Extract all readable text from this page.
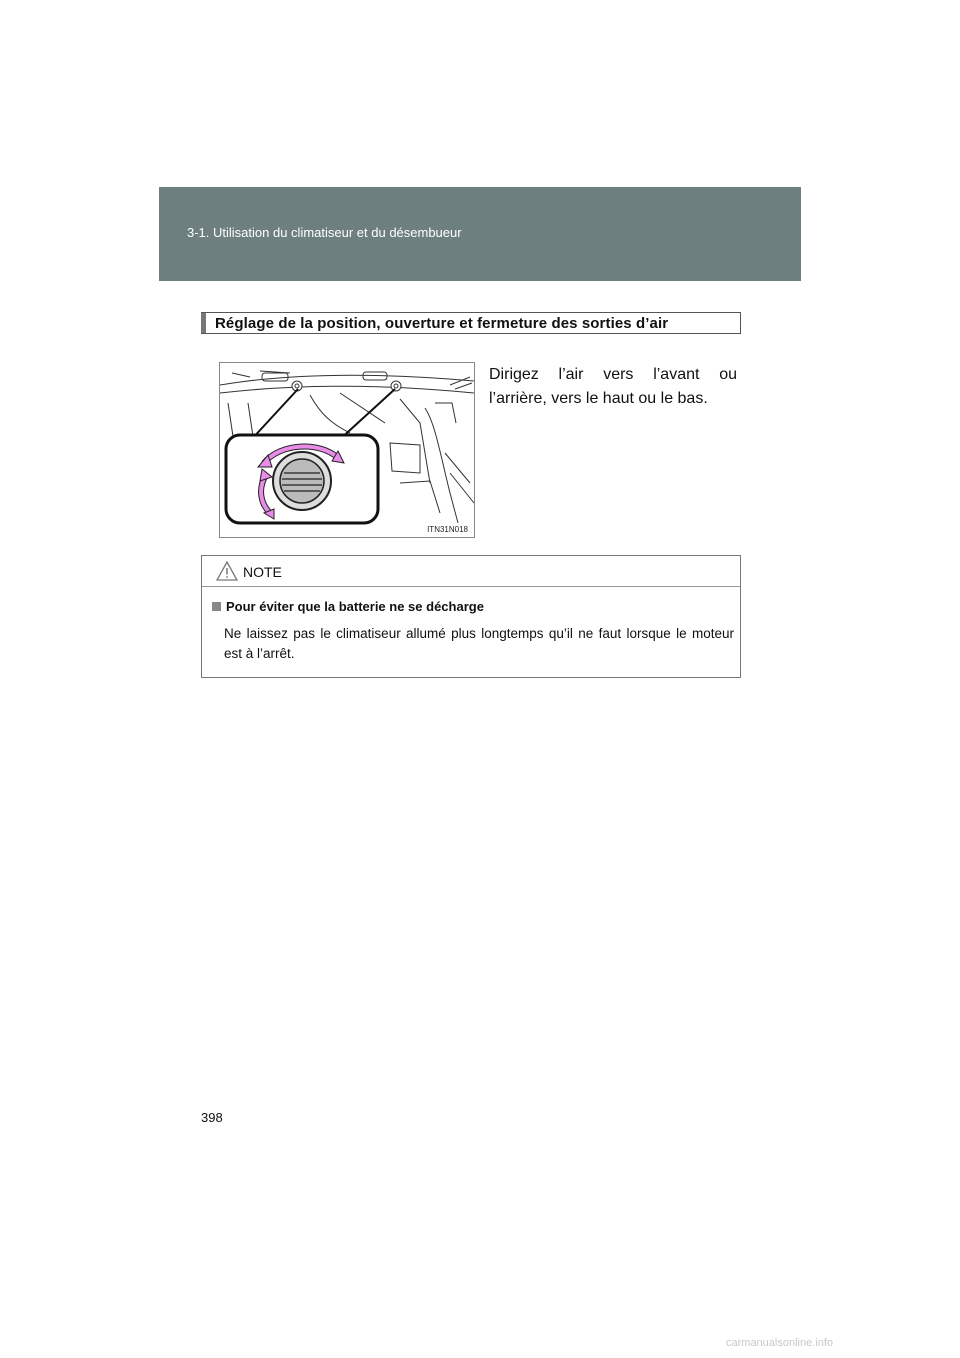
3-1. Utilisation du climatiseur et du désembueur
Réglage de la position, ouverture et fermeture des sorties d’air
ITN31N018
Dirigez l’air vers l’avant ou l’arrière, vers le haut ou le bas.
NOTE
Pour éviter que la batterie ne se décharge
Ne laissez pas le climatiseur allumé plus longtemps qu’il ne faut lorsque le moteur est à l’arrêt.
398
carmanualsonline.info
